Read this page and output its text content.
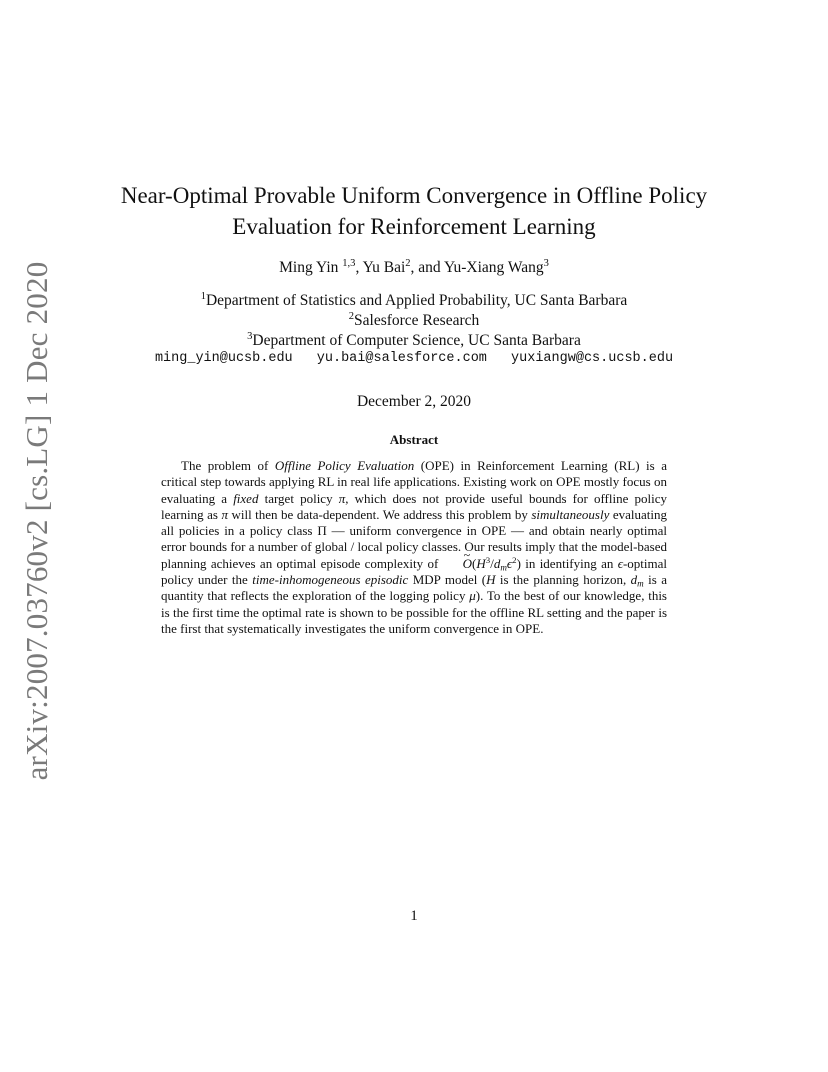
arXiv:2007.03760v2 [cs.LG] 1 Dec 2020
Near-Optimal Provable Uniform Convergence in Offline Policy
Evaluation for Reinforcement Learning
Ming Yin $^{1,3}$, Yu Bai$^2$, and Yu-Xiang Wang$^3$
$^1$Department of Statistics and Applied Probability, UC Santa Barbara
$^2$Salesforce Research
$^3$Department of Computer Science, UC Santa Barbara
ming_yin@ucsb.edu yu.bai@salesforce.com yuxiangw@cs.ucsb.edu
December 2, 2020
Abstract

The problem of Offline Policy Evaluation (OPE) in Reinforcement Learning (RL) is a critical step towards applying RL in real life applications. Existing work on OPE mostly focus on evaluating a fixed target policy π, which does not provide useful bounds for offline policy learning as π will then be data-dependent. We address this problem by simultaneously evaluating all policies in a policy class Π — uniform convergence in OPE — and obtain nearly optimal error bounds for a number of global / local policy classes. Our results imply that the model-based planning achieves an optimal episode complexity of ~ $O(H^3/d_m\epsilon^2)$ in identifying an ϵ-optimal policy under the time-inhomogeneous episodic MDP model (H is the planning horizon, $d_m$ is a quantity that reflects the exploration of the logging policy μ). To the best of our knowledge, this is the first time the optimal rate is shown to be possible for the offline RL setting and the paper is the first that systematically investigates the uniform convergence in OPE.

1
